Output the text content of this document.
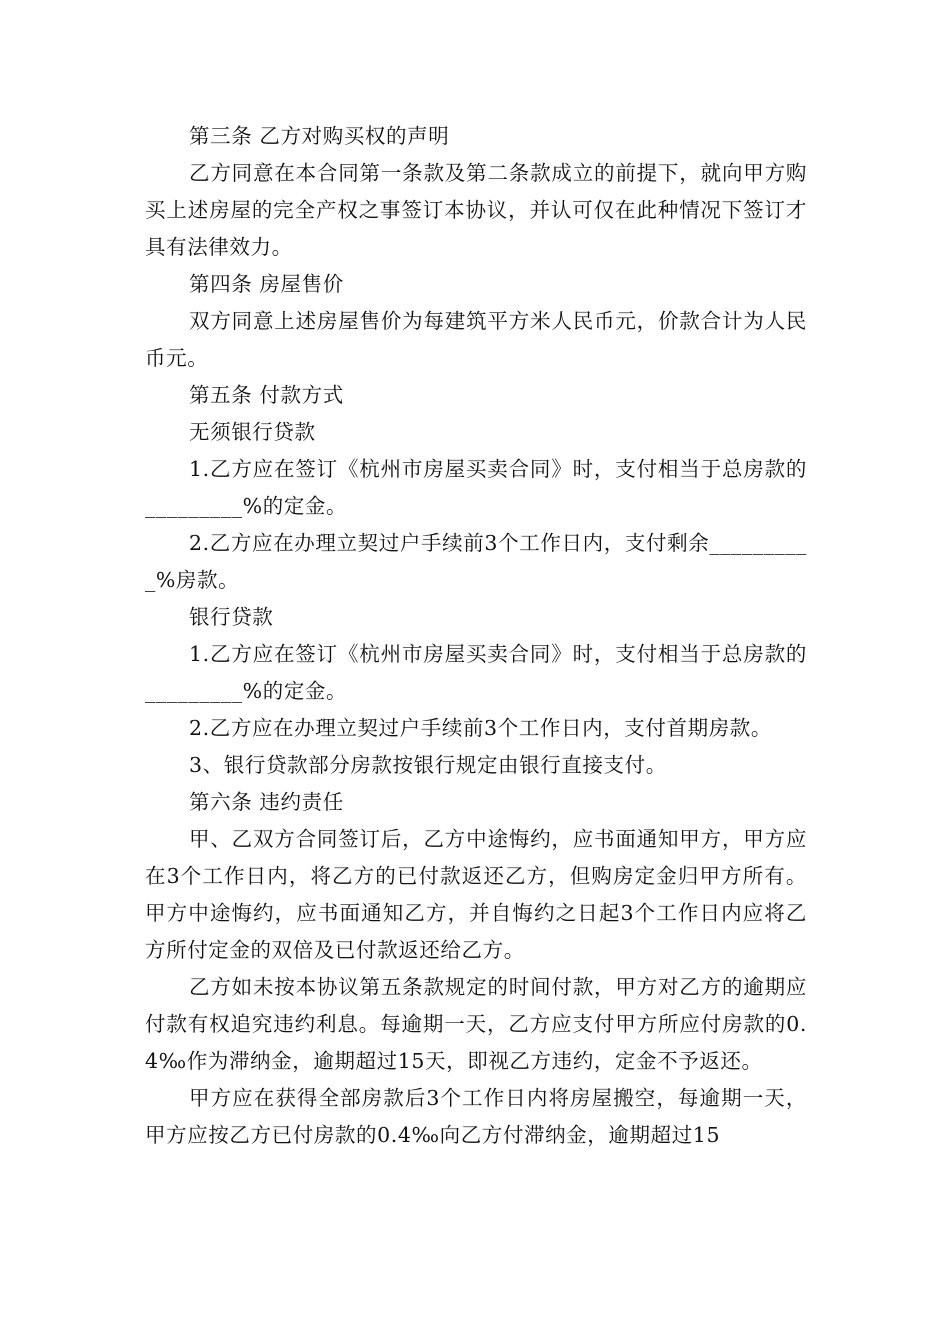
第三条 乙方对购买权的声明

乙方同意在本合同第一条款及第二条款成立的前提下，就向甲方购买上述房屋的完全产权之事签订本协议，并认可仅在此种情况下签订才具有法律效力。

第四条 房屋售价

双方同意上述房屋售价为每建筑平方米人民币元，价款合计为人民币元。

第五条 付款方式

无须银行贷款

1.乙方应在签订《杭州市房屋买卖合同》时，支付相当于总房款的_________%的定金。

2.乙方应在办理立契过户手续前3个工作日内，支付剩余__________%房款。

银行贷款

1.乙方应在签订《杭州市房屋买卖合同》时，支付相当于总房款的_________%的定金。

2.乙方应在办理立契过户手续前3个工作日内，支付首期房款。

3、银行贷款部分房款按银行规定由银行直接支付。

第六条 违约责任

甲、乙双方合同签订后，乙方中途悔约，应书面通知甲方，甲方应在3个工作日内，将乙方的已付款返还乙方，但购房定金归甲方所有。甲方中途悔约，应书面通知乙方，并自悔约之日起3个工作日内应将乙方所付定金的双倍及已付款返还给乙方。

乙方如未按本协议第五条款规定的时间付款，甲方对乙方的逾期应付款有权追究违约利息。每逾期一天，乙方应支付甲方所应付房款的0.4‰作为滞纳金，逾期超过15天，即视乙方违约，定金不予返还。

甲方应在获得全部房款后3个工作日内将房屋搬空，每逾期一天，甲方应按乙方已付房款的0.4‰向乙方付滞纳金，逾期超过15
